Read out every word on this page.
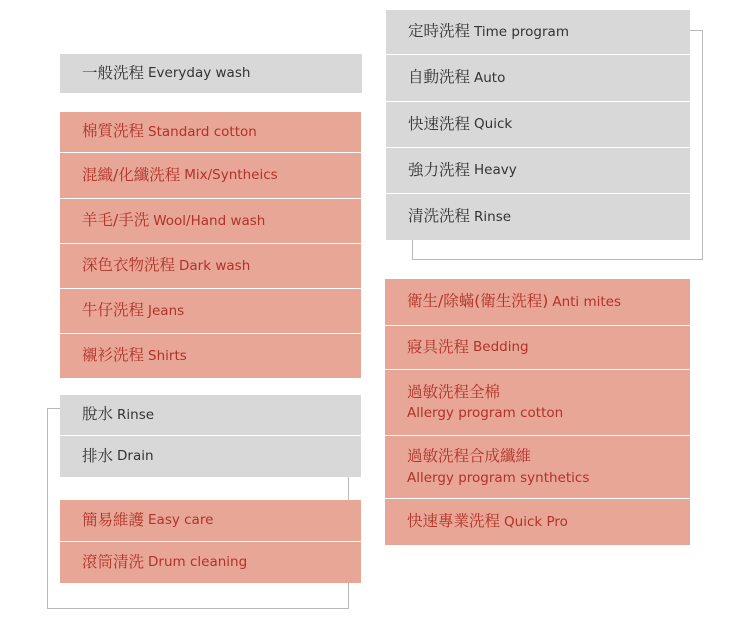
一般洗程 Everyday wash
棉質洗程 Standard cotton
混織/化纖洗程 Mix/Syntheics
羊毛/手洗 Wool/Hand wash
深色衣物洗程 Dark wash
牛仔洗程 Jeans
襯衫洗程 Shirts
脫水 Rinse
排水 Drain
簡易維護 Easy care
滾筒清洗 Drum cleaning
定時洗程 Time program
自動洗程 Auto
快速洗程 Quick
強力洗程 Heavy
清洗洗程 Rinse
衛生/除蟎(衛生洗程) Anti mites
寢具洗程 Bedding
過敏洗程全棉
Allergy program cotton
過敏洗程合成纖維
Allergy program synthetics
快速專業洗程 Quick Pro
